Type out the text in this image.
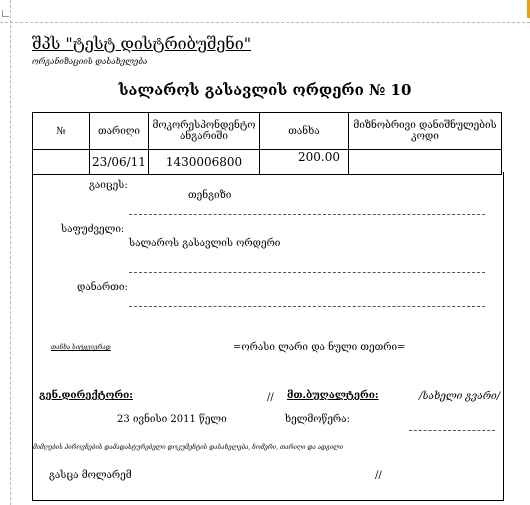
შპს "ტესტ დისტრიბუშენი"
ორგანიზაციის დასახელება
სალაროს გასავლის ორდერი № 10
№	თარიღი	მოკორესპონდენტო ანგარიში	თანხა	მიზნობრივი დანიშნულების კოდი
	23/06/11	1430006800	200.00	
გაიცეს:
თენგიზი
საფუძველი:
სალაროს გასავლის ორდერი
დანართი:
თანხა სიტყვიერად	=ორასი ლარი და ნული თეთრი=
გენ.დირექტორი:	// მთ.ბუღალტერი:	/სახელი გვარი/
23 ივნისი 2011 წელი	ხელმოწერა:
მიმღების პიროვნების დამადასტურებელი დოკუმენტის დასახელება, ნომერი, თარიღი და ადგილი
გასცა მოლარემ	//
